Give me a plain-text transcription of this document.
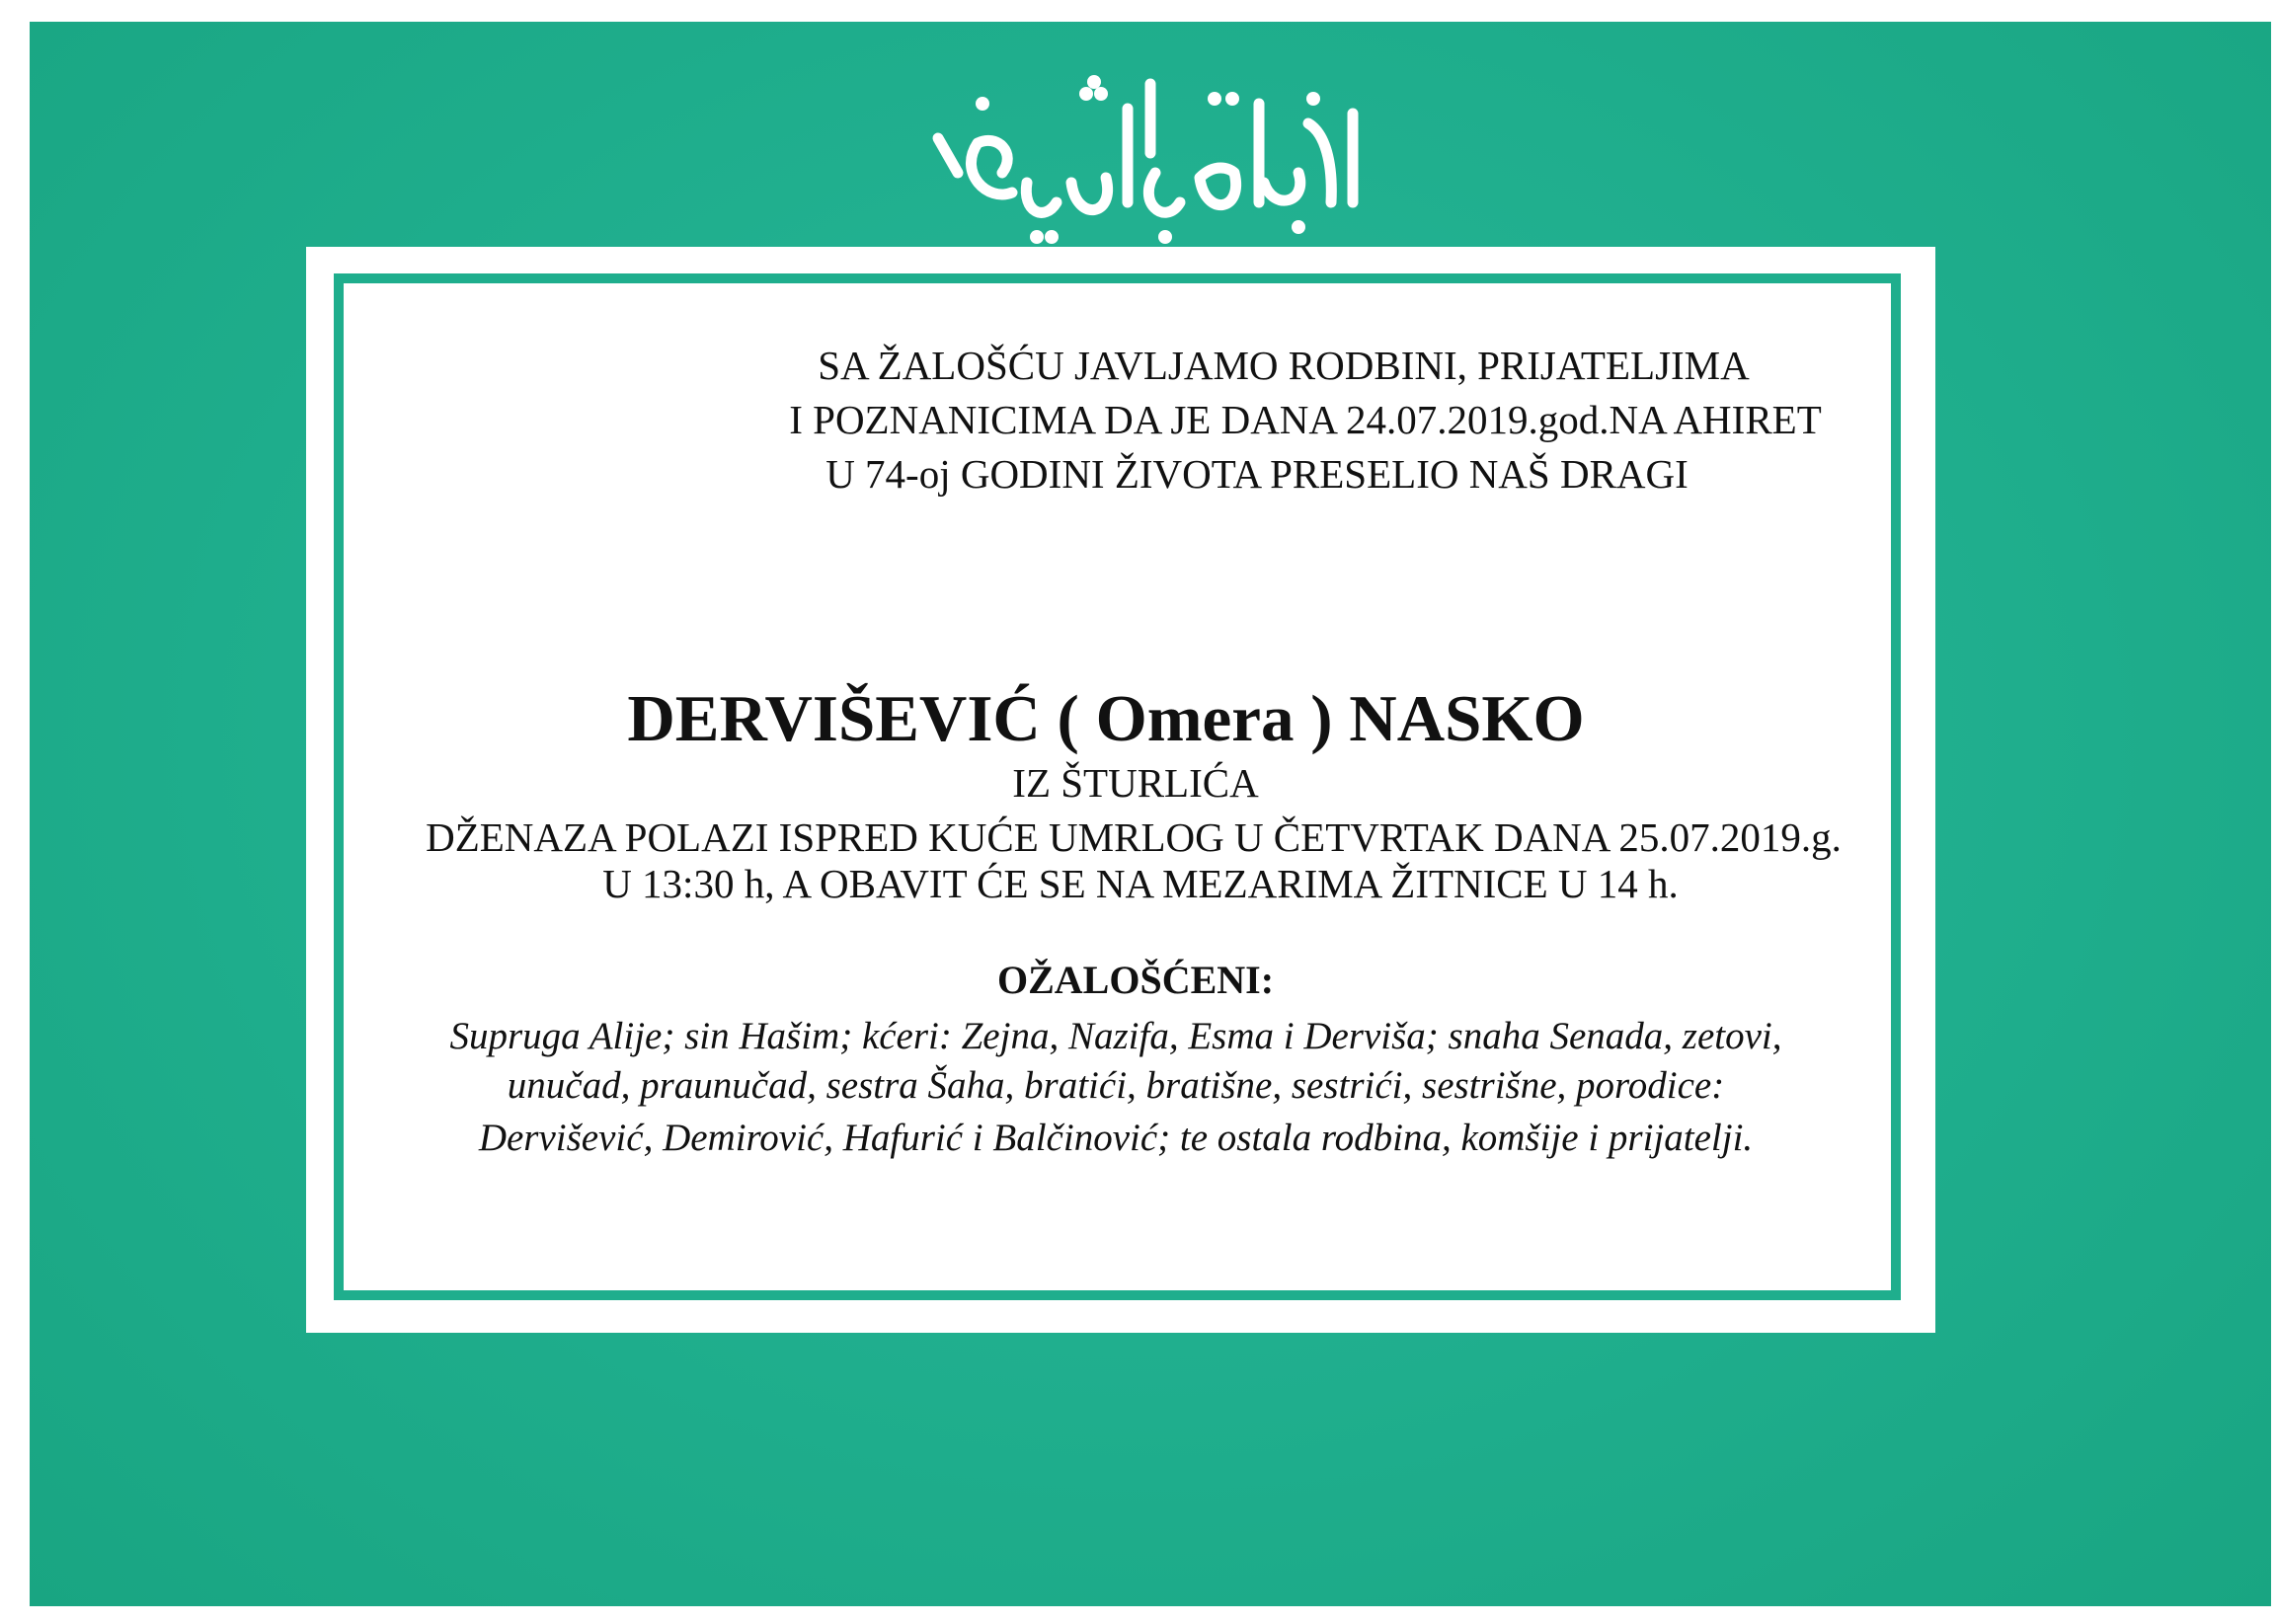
SA ŽALOŠĆU JAVLJAMO RODBINI, PRIJATELJIMA
I POZNANICIMA DA JE DANA 24.07.2019.god.NA AHIRET
U 74-oj GODINI ŽIVOTA PRESELIO NAŠ DRAGI
DERVIŠEVIĆ ( Omera ) NASKO
IZ ŠTURLIĆA
DŽENAZA POLAZI ISPRED KUĆE UMRLOG U ČETVRTAK DANA 25.07.2019.g.
U 13:30 h, A OBAVIT ĆE SE NA MEZARIMA ŽITNICE U 14 h.
OŽALOŠĆENI:
Supruga Alije; sin Hašim; kćeri: Zejna, Nazifa, Esma i Derviša; snaha Senada, zetovi,
unučad, praunučad, sestra Šaha, bratići, bratišne, sestrići, sestrišne, porodice:
Dervišević, Demirović, Hafurić i Balčinović; te ostala rodbina, komšije i prijatelji.
